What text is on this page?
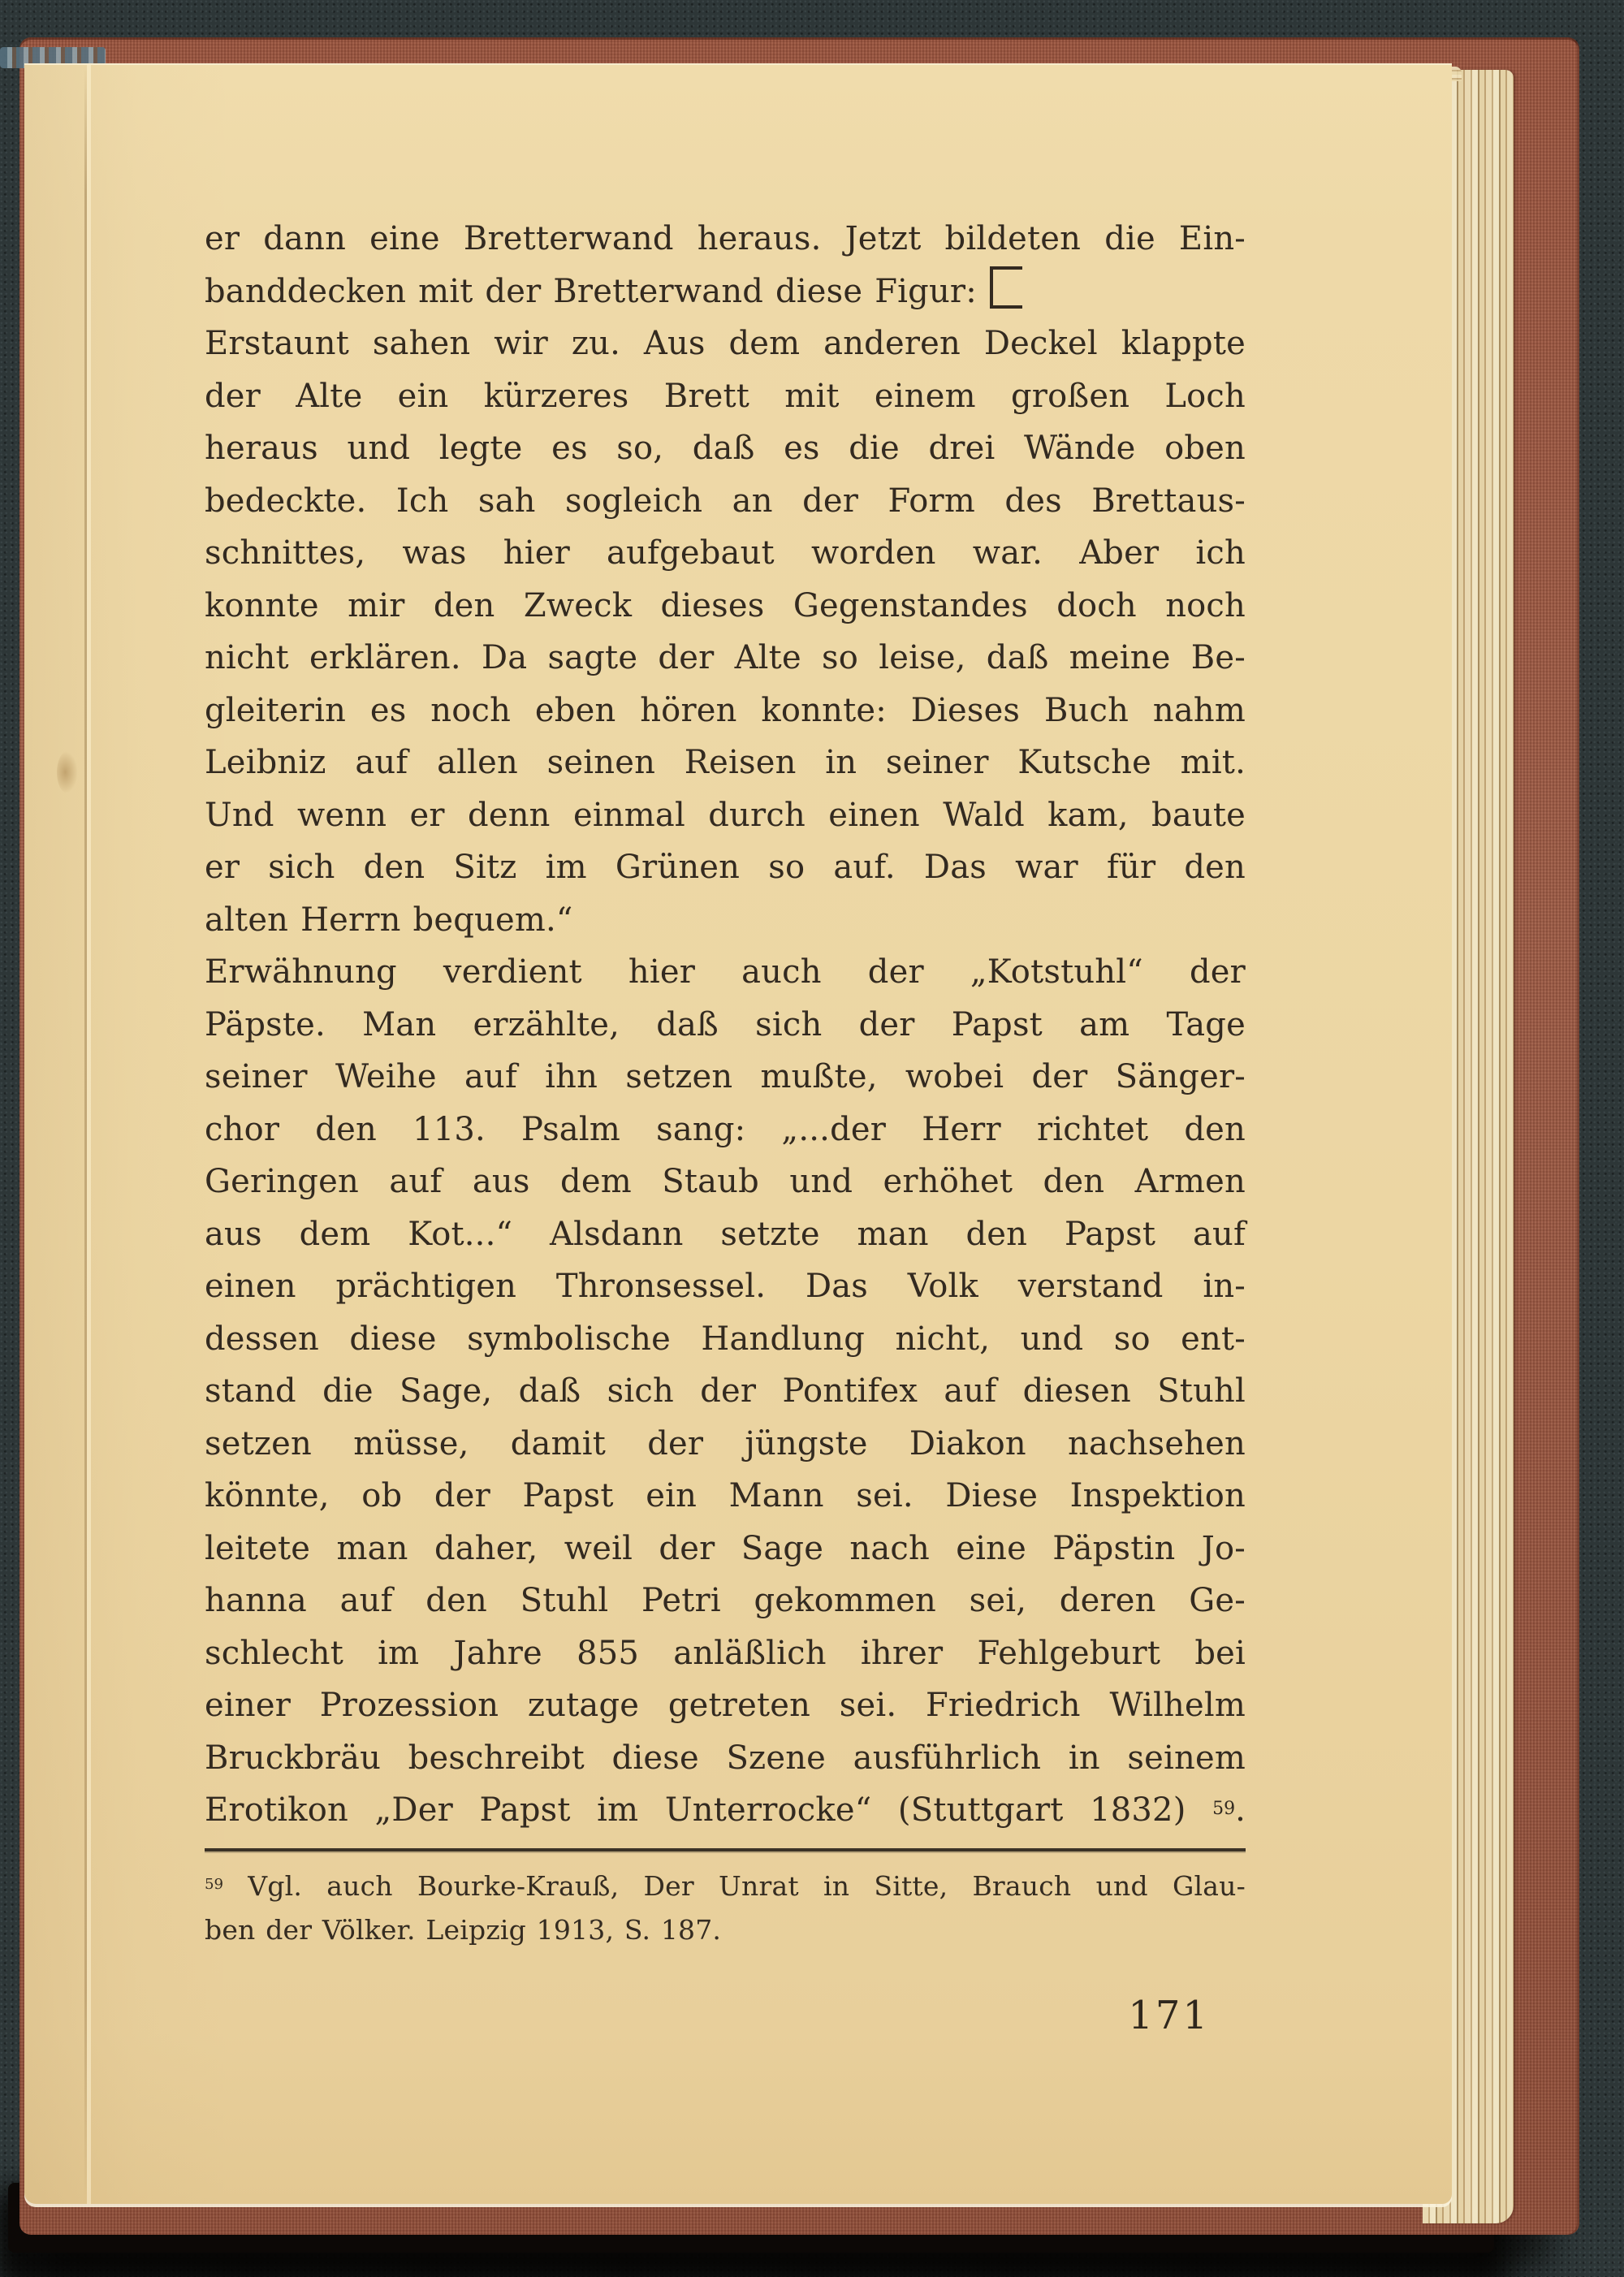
er dann eine Bretterwand heraus. Jetzt bildeten die Ein-
banddecken mit der Bretterwand diese Figur:
Erstaunt sahen wir zu. Aus dem anderen Deckel klappte
der Alte ein kürzeres Brett mit einem großen Loch
heraus und legte es so, daß es die drei Wände oben
bedeckte. Ich sah sogleich an der Form des Brettaus-
schnittes, was hier aufgebaut worden war. Aber ich
konnte mir den Zweck dieses Gegenstandes doch noch
nicht erklären. Da sagte der Alte so leise, daß meine Be-
gleiterin es noch eben hören konnte: Dieses Buch nahm
Leibniz auf allen seinen Reisen in seiner Kutsche mit.
Und wenn er denn einmal durch einen Wald kam, baute
er sich den Sitz im Grünen so auf. Das war für den
alten Herrn bequem.“
Erwähnung verdient hier auch der „Kotstuhl“ der
Päpste. Man erzählte, daß sich der Papst am Tage
seiner Weihe auf ihn setzen mußte, wobei der Sänger-
chor den 113. Psalm sang: „...der Herr richtet den
Geringen auf aus dem Staub und erhöhet den Armen
aus dem Kot...“ Alsdann setzte man den Papst auf
einen prächtigen Thronsessel. Das Volk verstand in-
dessen diese symbolische Handlung nicht, und so ent-
stand die Sage, daß sich der Pontifex auf diesen Stuhl
setzen müsse, damit der jüngste Diakon nachsehen
könnte, ob der Papst ein Mann sei. Diese Inspektion
leitete man daher, weil der Sage nach eine Päpstin Jo-
hanna auf den Stuhl Petri gekommen sei, deren Ge-
schlecht im Jahre 855 anläßlich ihrer Fehlgeburt bei
einer Prozession zutage getreten sei. Friedrich Wilhelm
Bruckbräu beschreibt diese Szene ausführlich in seinem
Erotikon „Der Papst im Unterrocke“ (Stuttgart 1832) $^{59}$.
$^{59}$ Vgl. auch Bourke-Krauß, Der Unrat in Sitte, Brauch und Glau-
ben der Völker. Leipzig 1913, S. 187.
171
